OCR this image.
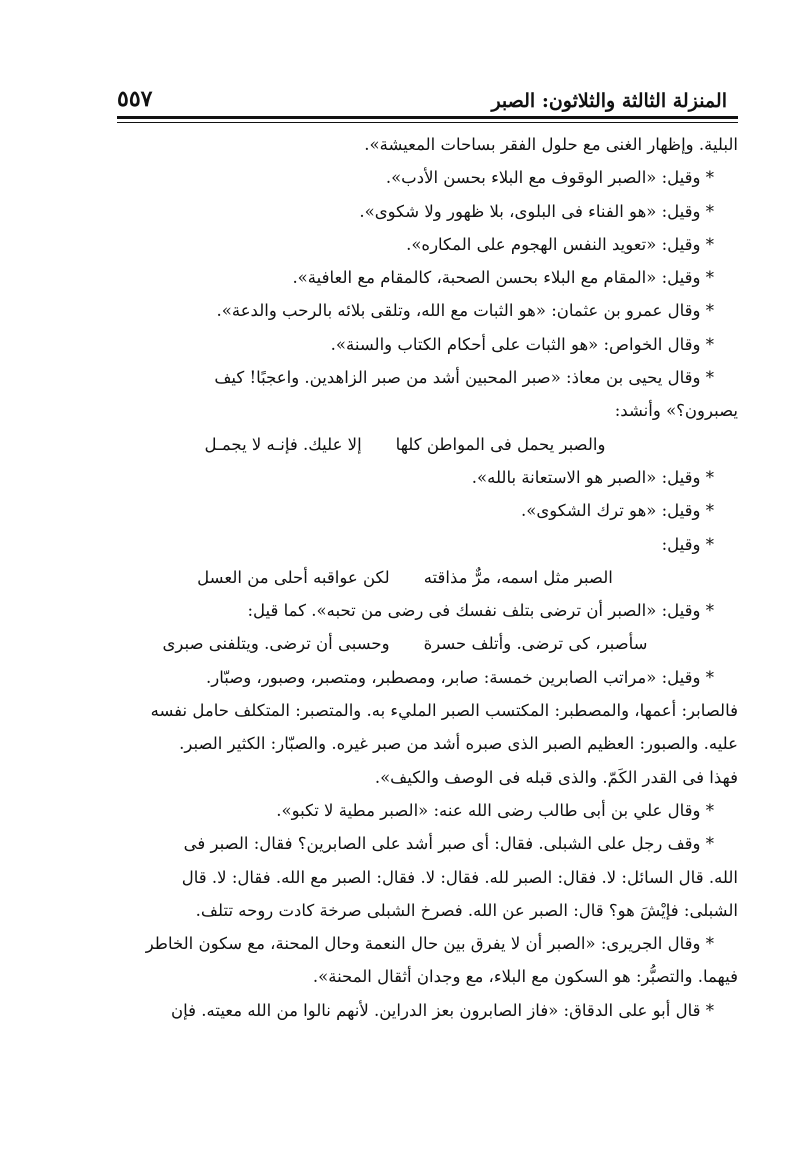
٥٥٧	المنزلة الثالثة والثلاثون: الصبر
البلية. وإظهار الغنى مع حلول الفقر بساحات المعيشة».
* وقيل: «الصبر الوقوف مع البلاء بحسن الأدب».
* وقيل: «هو الفناء فى البلوى، بلا ظهور ولا شكوى».
* وقيل: «تعويد النفس الهجوم على المكاره».
* وقيل: «المقام مع البلاء بحسن الصحبة، كالمقام مع العافية».
* وقال عمرو بن عثمان: «هو الثبات مع الله، وتلقى بلائه بالرحب والدعة».
* وقال الخواص: «هو الثبات على أحكام الكتاب والسنة».
* وقال يحيى بن معاذ: «صبر المحبين أشد من صبر الزاهدين. واعجبًا! كيف
يصبرون؟» وأنشد:
والصبر يحمل فى المواطن كلها
إلا عليك. فإنـه لا يجمـل
* وقيل: «الصبر هو الاستعانة بالله».
* وقيل: «هو ترك الشكوى».
* وقيل:
الصبر مثل اسمه، مرٌّ مذاقته
لكن عواقبه أحلى من العسل
* وقيل: «الصبر أن ترضى بتلف نفسك فى رضى من تحبه». كما قيل:
سأصبر، كى ترضى. وأتلف حسرة
وحسبى أن ترضى. ويتلفنى صبرى
* وقيل: «مراتب الصابرين خمسة: صابر، ومصطبر، ومتصبر، وصبور، وصبّار.
فالصابر: أعمها، والمصطبر: المكتسب الصبر المليء به. والمتصبر: المتكلف حامل نفسه
عليه. والصبور: العظيم الصبر الذى صبره أشد من صبر غيره. والصبّار: الكثير الصبر.
فهذا فى القدر الكَمّ. والذى قبله فى الوصف والكيف».
* وقال علي بن أبى طالب رضى الله عنه: «الصبر مطية لا تكبو».
* وقف رجل على الشبلى. فقال: أى صبر أشد على الصابرين؟ فقال: الصبر فى
الله. قال السائل: لا. فقال: الصبر لله. فقال: لا. فقال: الصبر مع الله. فقال: لا. قال
الشبلى: فإيْشَ هو؟ قال: الصبر عن الله. فصرخ الشبلى صرخة كادت روحه تتلف.
* وقال الجريرى: «الصبر أن لا يفرق بين حال النعمة وحال المحنة، مع سكون الخاطر
فيهما. والتصبُّر: هو السكون مع البلاء، مع وجدان أثقال المحنة».
* قال أبو على الدقاق: «فاز الصابرون بعز الدراين. لأنهم نالوا من الله معيته. فإن
